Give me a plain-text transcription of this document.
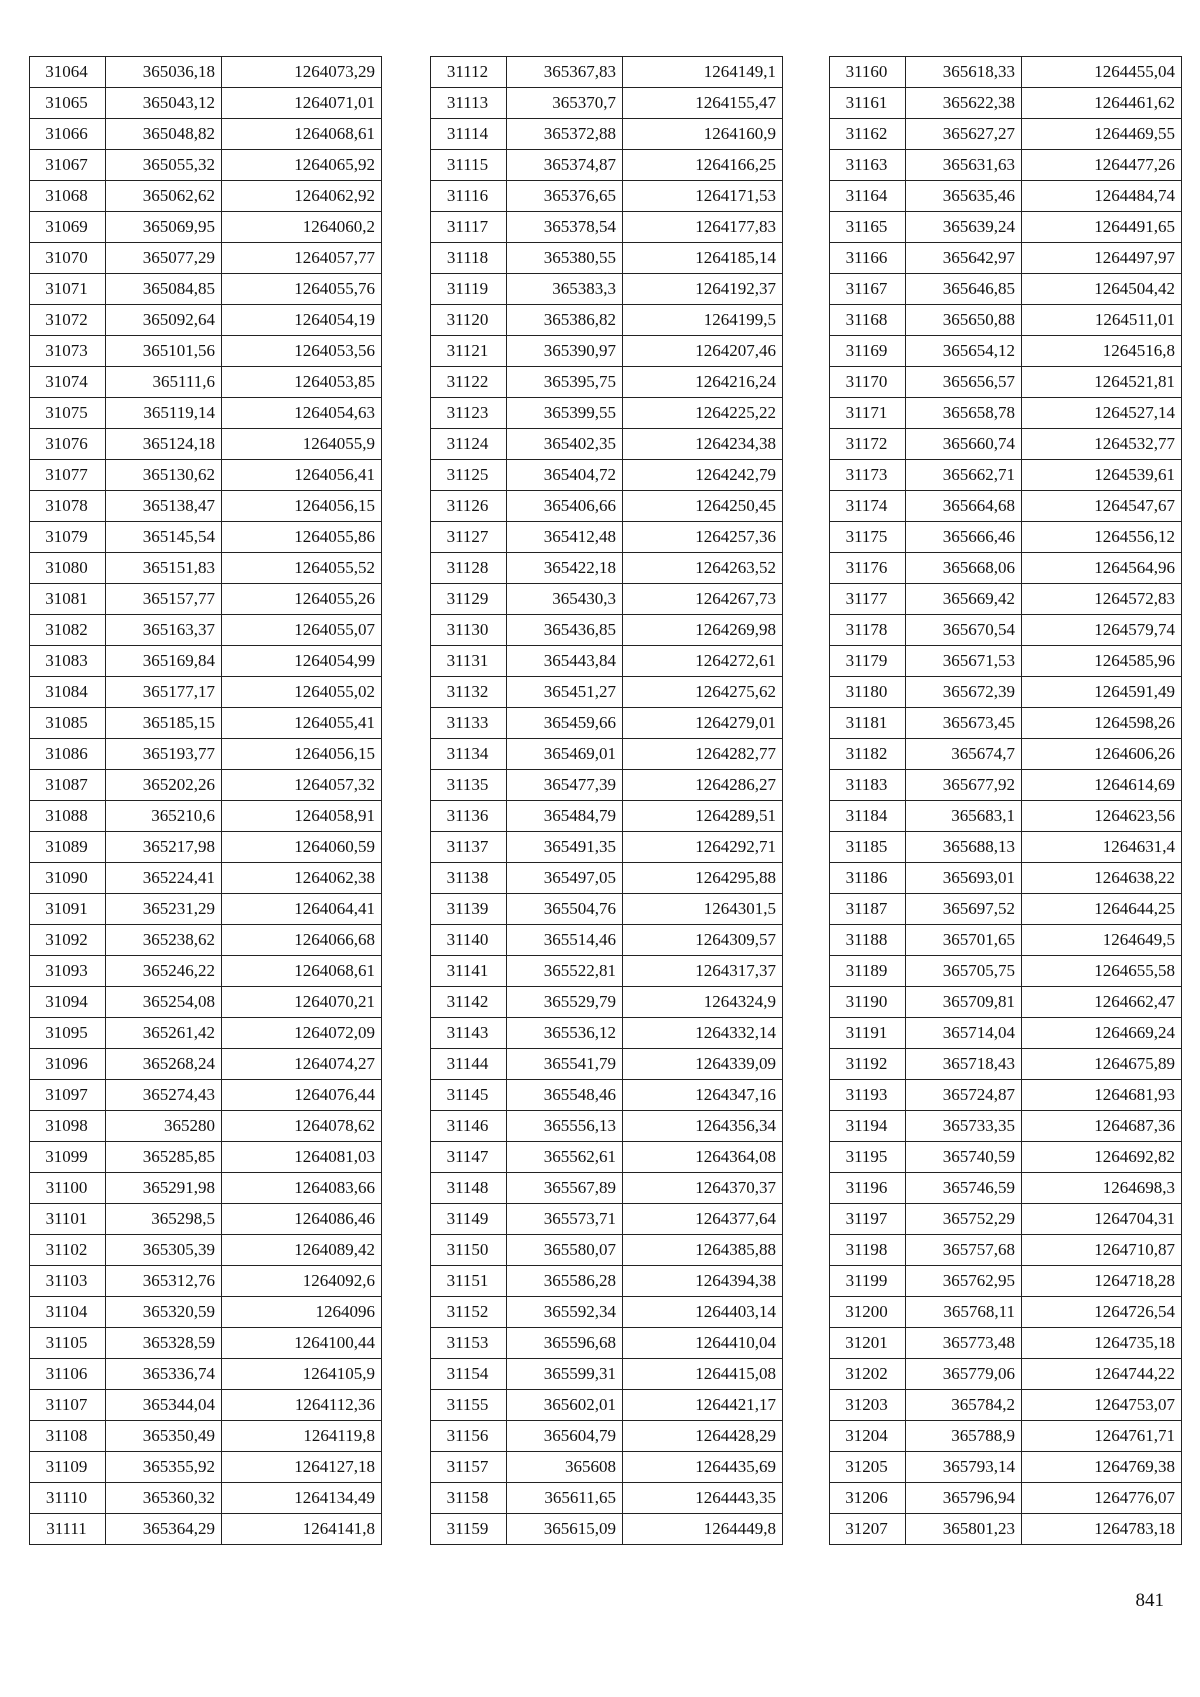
31064	365036,18	1264073,29
31065	365043,12	1264071,01
31066	365048,82	1264068,61
31067	365055,32	1264065,92
31068	365062,62	1264062,92
31069	365069,95	1264060,2
31070	365077,29	1264057,77
31071	365084,85	1264055,76
31072	365092,64	1264054,19
31073	365101,56	1264053,56
31074	365111,6	1264053,85
31075	365119,14	1264054,63
31076	365124,18	1264055,9
31077	365130,62	1264056,41
31078	365138,47	1264056,15
31079	365145,54	1264055,86
31080	365151,83	1264055,52
31081	365157,77	1264055,26
31082	365163,37	1264055,07
31083	365169,84	1264054,99
31084	365177,17	1264055,02
31085	365185,15	1264055,41
31086	365193,77	1264056,15
31087	365202,26	1264057,32
31088	365210,6	1264058,91
31089	365217,98	1264060,59
31090	365224,41	1264062,38
31091	365231,29	1264064,41
31092	365238,62	1264066,68
31093	365246,22	1264068,61
31094	365254,08	1264070,21
31095	365261,42	1264072,09
31096	365268,24	1264074,27
31097	365274,43	1264076,44
31098	365280	1264078,62
31099	365285,85	1264081,03
31100	365291,98	1264083,66
31101	365298,5	1264086,46
31102	365305,39	1264089,42
31103	365312,76	1264092,6
31104	365320,59	1264096
31105	365328,59	1264100,44
31106	365336,74	1264105,9
31107	365344,04	1264112,36
31108	365350,49	1264119,8
31109	365355,92	1264127,18
31110	365360,32	1264134,49
31111	365364,29	1264141,8
31112	365367,83	1264149,1
31113	365370,7	1264155,47
31114	365372,88	1264160,9
31115	365374,87	1264166,25
31116	365376,65	1264171,53
31117	365378,54	1264177,83
31118	365380,55	1264185,14
31119	365383,3	1264192,37
31120	365386,82	1264199,5
31121	365390,97	1264207,46
31122	365395,75	1264216,24
31123	365399,55	1264225,22
31124	365402,35	1264234,38
31125	365404,72	1264242,79
31126	365406,66	1264250,45
31127	365412,48	1264257,36
31128	365422,18	1264263,52
31129	365430,3	1264267,73
31130	365436,85	1264269,98
31131	365443,84	1264272,61
31132	365451,27	1264275,62
31133	365459,66	1264279,01
31134	365469,01	1264282,77
31135	365477,39	1264286,27
31136	365484,79	1264289,51
31137	365491,35	1264292,71
31138	365497,05	1264295,88
31139	365504,76	1264301,5
31140	365514,46	1264309,57
31141	365522,81	1264317,37
31142	365529,79	1264324,9
31143	365536,12	1264332,14
31144	365541,79	1264339,09
31145	365548,46	1264347,16
31146	365556,13	1264356,34
31147	365562,61	1264364,08
31148	365567,89	1264370,37
31149	365573,71	1264377,64
31150	365580,07	1264385,88
31151	365586,28	1264394,38
31152	365592,34	1264403,14
31153	365596,68	1264410,04
31154	365599,31	1264415,08
31155	365602,01	1264421,17
31156	365604,79	1264428,29
31157	365608	1264435,69
31158	365611,65	1264443,35
31159	365615,09	1264449,8
31160	365618,33	1264455,04
31161	365622,38	1264461,62
31162	365627,27	1264469,55
31163	365631,63	1264477,26
31164	365635,46	1264484,74
31165	365639,24	1264491,65
31166	365642,97	1264497,97
31167	365646,85	1264504,42
31168	365650,88	1264511,01
31169	365654,12	1264516,8
31170	365656,57	1264521,81
31171	365658,78	1264527,14
31172	365660,74	1264532,77
31173	365662,71	1264539,61
31174	365664,68	1264547,67
31175	365666,46	1264556,12
31176	365668,06	1264564,96
31177	365669,42	1264572,83
31178	365670,54	1264579,74
31179	365671,53	1264585,96
31180	365672,39	1264591,49
31181	365673,45	1264598,26
31182	365674,7	1264606,26
31183	365677,92	1264614,69
31184	365683,1	1264623,56
31185	365688,13	1264631,4
31186	365693,01	1264638,22
31187	365697,52	1264644,25
31188	365701,65	1264649,5
31189	365705,75	1264655,58
31190	365709,81	1264662,47
31191	365714,04	1264669,24
31192	365718,43	1264675,89
31193	365724,87	1264681,93
31194	365733,35	1264687,36
31195	365740,59	1264692,82
31196	365746,59	1264698,3
31197	365752,29	1264704,31
31198	365757,68	1264710,87
31199	365762,95	1264718,28
31200	365768,11	1264726,54
31201	365773,48	1264735,18
31202	365779,06	1264744,22
31203	365784,2	1264753,07
31204	365788,9	1264761,71
31205	365793,14	1264769,38
31206	365796,94	1264776,07
31207	365801,23	1264783,18
841
